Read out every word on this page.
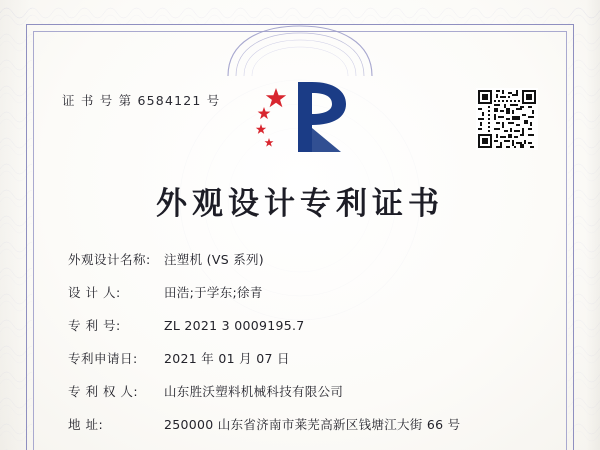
证 书 号 第 6584121 号
外观设计专利证书
外观设计名称:	注塑机 (VS 系列)
设 计 人:	田浩;于学东;徐青
专 利 号:	ZL 2021 3 0009195.7
专利申请日:	2021 年 01 月 07 日
专 利 权 人:	山东胜沃塑料机械科技有限公司
地 址:	250000 山东省济南市莱芜高新区钱塘江大街 66 号
